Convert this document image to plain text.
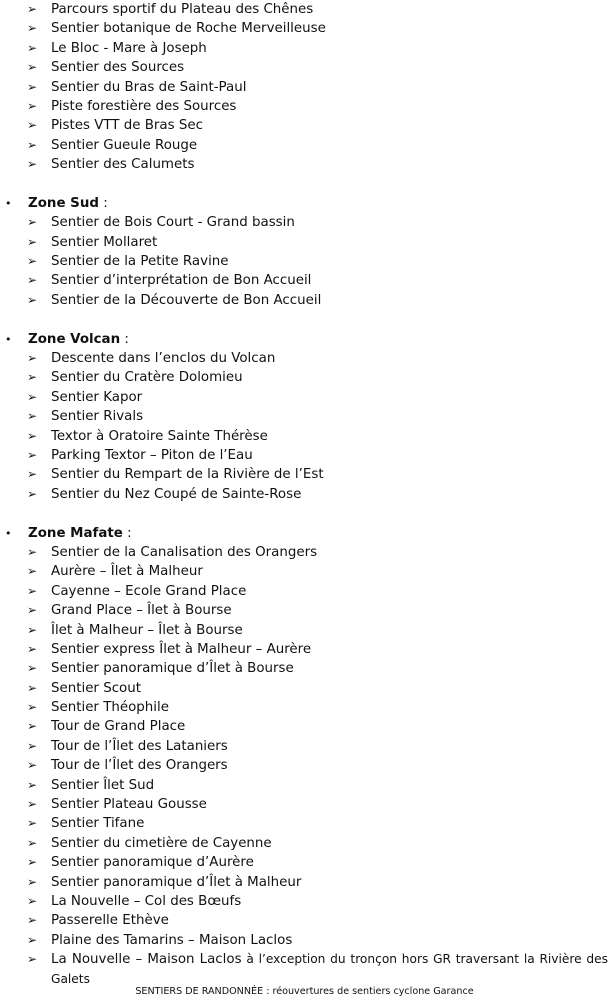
➢ Parcours sportif du Plateau des Chênes
➢ Sentier botanique de Roche Merveilleuse
➢ Le Bloc - Mare à Joseph
➢ Sentier des Sources
➢ Sentier du Bras de Saint-Paul
➢ Piste forestière des Sources
➢ Pistes VTT de Bras Sec
➢ Sentier Gueule Rouge
➢ Sentier des Calumets
• Zone Sud :
➢ Sentier de Bois Court - Grand bassin
➢ Sentier Mollaret
➢ Sentier de la Petite Ravine
➢ Sentier d’interprétation de Bon Accueil
➢ Sentier de la Découverte de Bon Accueil
• Zone Volcan :
➢ Descente dans l’enclos du Volcan
➢ Sentier du Cratère Dolomieu
➢ Sentier Kapor
➢ Sentier Rivals
➢ Textor à Oratoire Sainte Thérèse
➢ Parking Textor – Piton de l’Eau
➢ Sentier du Rempart de la Rivière de l’Est
➢ Sentier du Nez Coupé de Sainte-Rose
• Zone Mafate :
➢ Sentier de la Canalisation des Orangers
➢ Aurère – Îlet à Malheur
➢ Cayenne – Ecole Grand Place
➢ Grand Place – Îlet à Bourse
➢ Îlet à Malheur – Îlet à Bourse
➢ Sentier express Îlet à Malheur – Aurère
➢ Sentier panoramique d’Îlet à Bourse
➢ Sentier Scout
➢ Sentier Théophile
➢ Tour de Grand Place
➢ Tour de l’Îlet des Lataniers
➢ Tour de l’Îlet des Orangers
➢ Sentier Îlet Sud
➢ Sentier Plateau Gousse
➢ Sentier Tifane
➢ Sentier du cimetière de Cayenne
➢ Sentier panoramique d’Aurère
➢ Sentier panoramique d’Îlet à Malheur
➢ La Nouvelle – Col des Bœufs
➢ Passerelle Ethève
➢ Plaine des Tamarins – Maison Laclos
➢ La Nouvelle – Maison Laclos à l’exception du tronçon hors GR traversant la Rivière des Galets
SENTIERS DE RANDONNÉE : réouvertures de sentiers cyclone Garance
